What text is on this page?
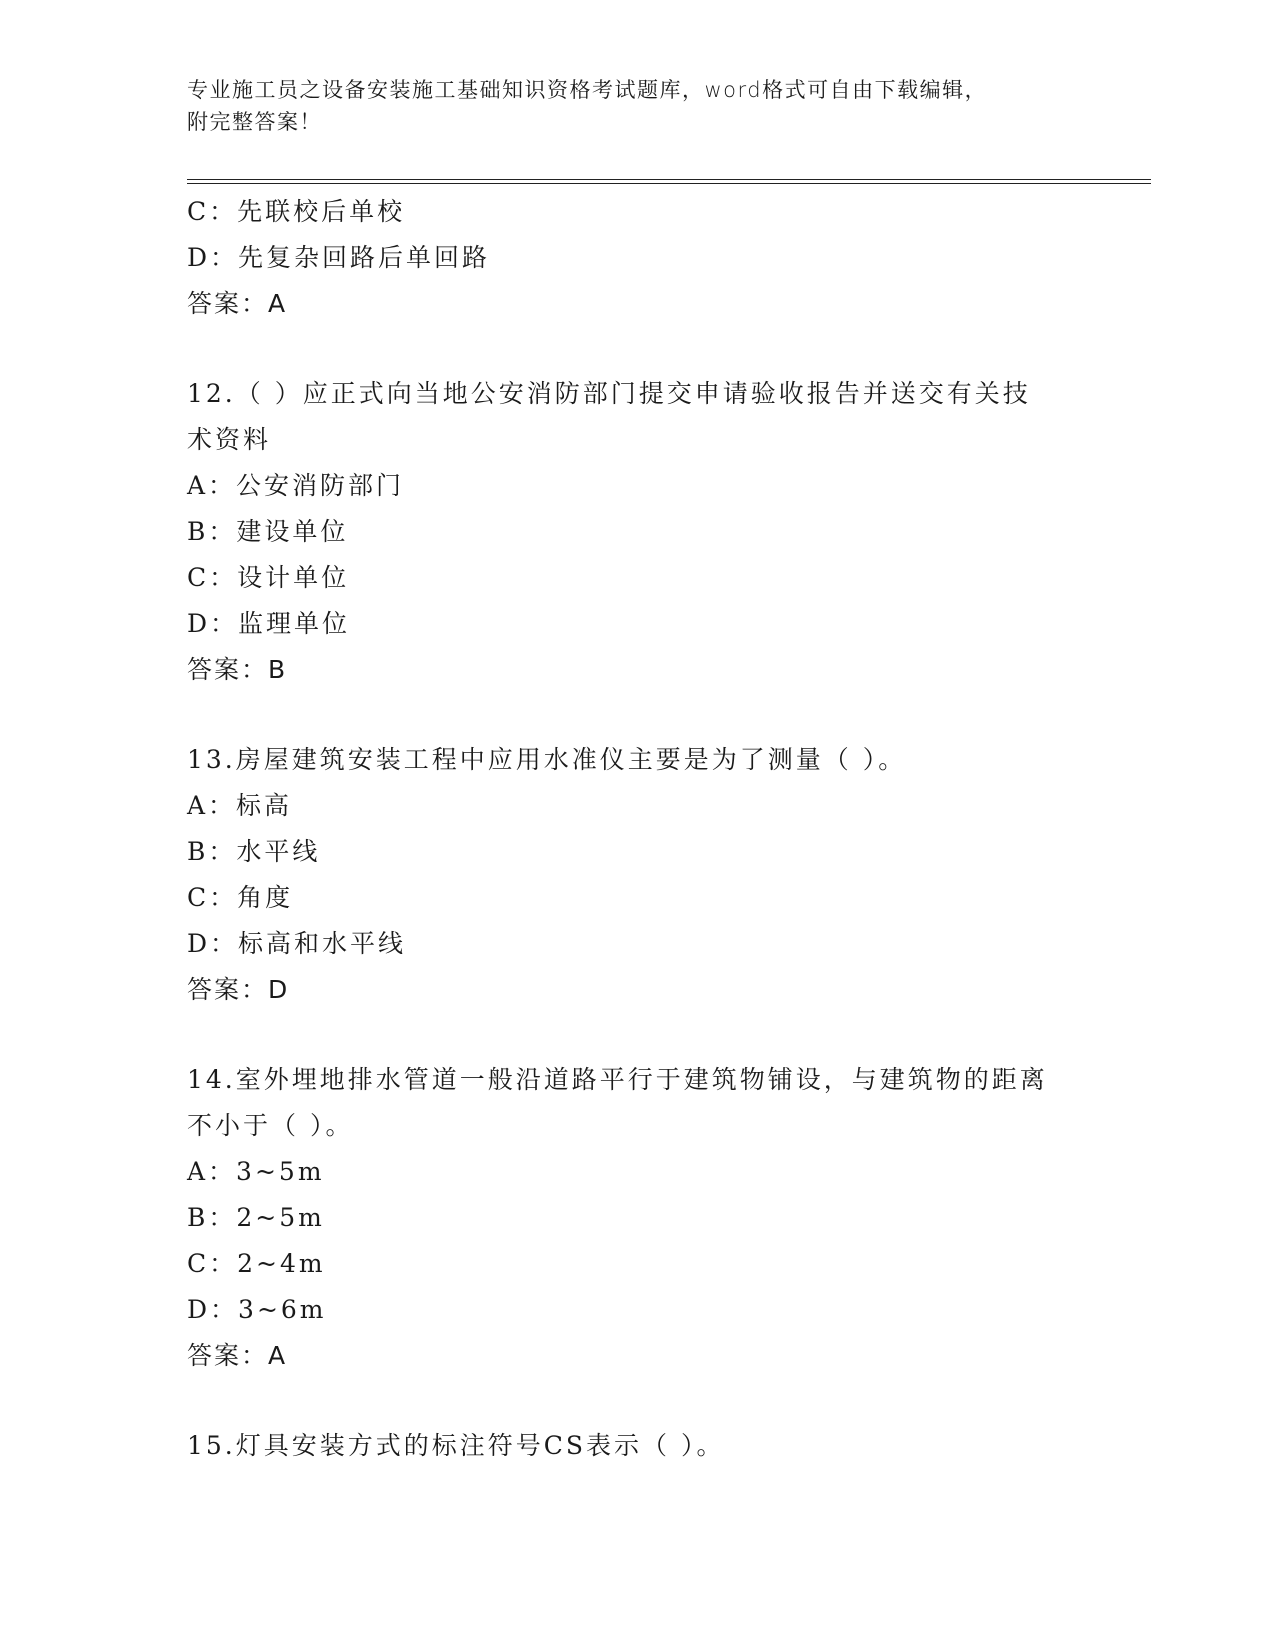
专业施工员之设备安装施工基础知识资格考试题库，word格式可自由下载编辑，
附完整答案！
C：先联校后单校
D：先复杂回路后单回路
答案：A
12.（ ）应正式向当地公安消防部门提交申请验收报告并送交有关技
术资料
A：公安消防部门
B：建设单位
C：设计单位
D：监理单位
答案：B
13.房屋建筑安装工程中应用水准仪主要是为了测量（ ）。
A：标高
B：水平线
C：角度
D：标高和水平线
答案：D
14.室外埋地排水管道一般沿道路平行于建筑物铺设，与建筑物的距离
不小于（ ）。
A：3~5m
B：2~5m
C：2~4m
D：3~6m
答案：A
15.灯具安装方式的标注符号CS表示（ ）。
